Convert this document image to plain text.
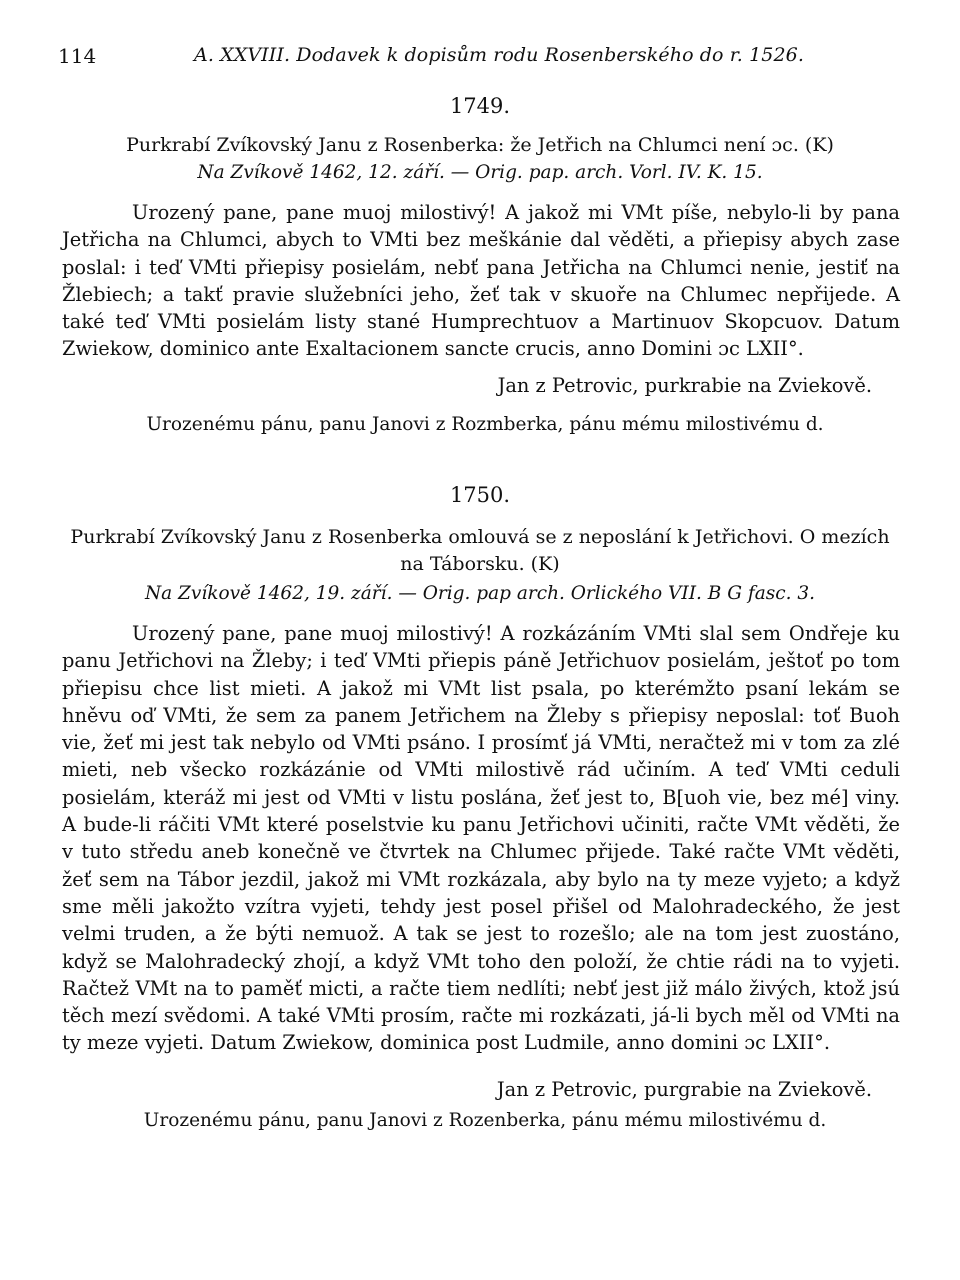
114	A. XXVIII. Dodavek k dopisům rodu Rosenberského do r. 1526.
1749.
Purkrabí Zvíkovský Janu z Rosenberka: že Jetřich na Chlumci není ɔc. (K)
Na Zvíkově 1462, 12. září. — Orig. pap. arch. Vorl. IV. K. 15.

Urozený pane, pane muoj milostivý! A jakož mi VMt píše, nebylo-li by pana Jetřicha na Chlumci, abych to VMti bez meškánie dal věděti, a přiepisy abych zase poslal: i teď VMti přiepisy posielám, nebť pana Jetřicha na Chlumci nenie, jestiť na Žlebiech; a takť pravie služebníci jeho, žeť tak v skuoře na Chlumec nepřijede. A také teď VMti posielám listy stané Humprechtuov a Martinuov Skopcuov. Datum Zwiekow, dominico ante Exaltacionem sancte crucis, anno Domini ɔc LXII°.

Jan z Petrovic, purkrabie na Zviekově.
Urozenému pánu, panu Janovi z Rozmberka, pánu mému milostivému d.
1750.
Purkrabí Zvíkovský Janu z Rosenberka omlouvá se z neposlání k Jetřichovi. O mezích
na Táborsku. (K)
Na Zvíkově 1462, 19. září. — Orig. pap arch. Orlického VII. B G fasc. 3.

Urozený pane, pane muoj milostivý! A rozkázáním VMti slal sem Ondřeje ku panu Jetřichovi na Žleby; i teď VMti přiepis páně Jetřichuov posielám, ještoť po tom přiepisu chce list mieti. A jakož mi VMt list psala, po kterémžto psaní lekám se hněvu oď VMti, že sem za panem Jetřichem na Žleby s přiepisy neposlal: toť Buoh vie, žeť mi jest tak nebylo od VMti psáno. I prosímť já VMti, neračtež mi v tom za zlé mieti, neb všecko rozkázánie od VMti milostivě rád učiním. A teď VMti ceduli posielám, kteráž mi jest od VMti v listu poslána, žeť jest to, B[uoh vie, bez mé] viny. A bude-li ráčiti VMt které poselstvie ku panu Jetřichovi učiniti, račte VMt věděti, že v tuto středu aneb konečně ve čtvrtek na Chlumec přijede. Také račte VMt věděti, žeť sem na Tábor jezdil, jakož mi VMt rozkázala, aby bylo na ty meze vyjeto; a když sme měli jakožto vzítra vyjeti, tehdy jest posel přišel od Malohradeckého, že jest velmi truden, a že býti nemuož. A tak se jest to rozešlo; ale na tom jest zuostáno, když se Malohradecký zhojí, a když VMt toho den položí, že chtie rádi na to vyjeti. Račtež VMt na to paměť micti, a račte tiem nedlíti; nebť jest již málo živých, ktož jsú těch mezí svědomi. A také VMti prosím, račte mi rozkázati, já-li bych měl od VMti na ty meze vyjeti. Datum Zwiekow, dominica post Ludmile, anno domini ɔc LXII°.

Jan z Petrovic, purgrabie na Zviekově.
Urozenému pánu, panu Janovi z Rozenberka, pánu mému milostivému d.
